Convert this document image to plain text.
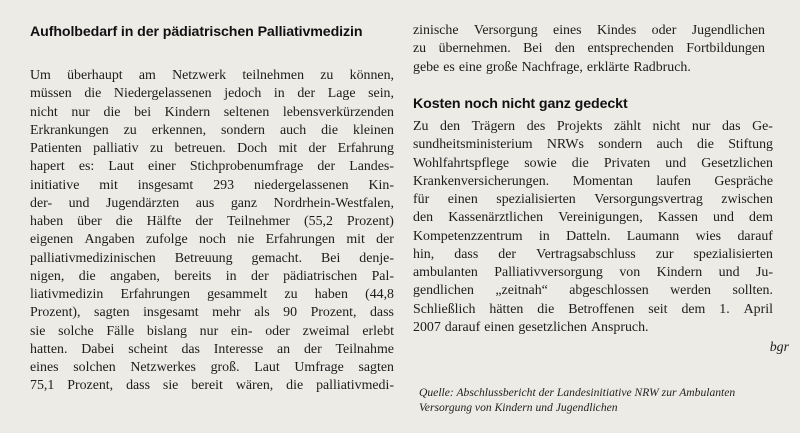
Aufholbedarf in der pädiatrischen Palliativmedizin
Um überhaupt am Netzwerk teilnehmen zu können,
müssen die Niedergelassenen jedoch in der Lage sein,
nicht nur die bei Kindern seltenen lebensverkürzenden
Erkrankungen zu erkennen, sondern auch die kleinen
Patienten palliativ zu betreuen. Doch mit der Erfahrung
hapert es: Laut einer Stichprobenumfrage der Landes-
initiative mit insgesamt 293 niedergelassenen Kin-
der- und Jugendärzten aus ganz Nordrhein-Westfalen,
haben über die Hälfte der Teilnehmer (55,2 Prozent)
eigenen Angaben zufolge noch nie Erfahrungen mit der
palliativmedizinischen Betreuung gemacht. Bei denje-
nigen, die angaben, bereits in der pädiatrischen Pal-
liativmedizin Erfahrungen gesammelt zu haben (44,8
Prozent), sagten insgesamt mehr als 90 Prozent, dass
sie solche Fälle bislang nur ein- oder zweimal erlebt
hatten. Dabei scheint das Interesse an der Teilnahme
eines solchen Netzwerkes groß. Laut Umfrage sagten
75,1 Prozent, dass sie bereit wären, die palliativmedi-
zinische Versorgung eines Kindes oder Jugendlichen
zu übernehmen. Bei den entsprechenden Fortbildungen
gebe es eine große Nachfrage, erklärte Radbruch.
Kosten noch nicht ganz gedeckt
Zu den Trägern des Projekts zählt nicht nur das Ge-
sundheitsministerium NRWs sondern auch die Stiftung
Wohlfahrtspflege sowie die Privaten und Gesetzlichen
Krankenversicherungen. Momentan laufen Gespräche
für einen spezialisierten Versorgungsvertrag zwischen
den Kassenärztlichen Vereinigungen, Kassen und dem
Kompetenzzentrum in Datteln. Laumann wies darauf
hin, dass der Vertragsabschluss zur spezialisierten
ambulanten Palliativversorgung von Kindern und Ju-
gendlichen „zeitnah“ abgeschlossen werden sollten.
Schließlich hätten die Betroffenen seit dem 1. April
2007 darauf einen gesetzlichen Anspruch.
bgr
Quelle: Abschlussbericht der Landesinitiative NRW zur Ambulanten
Versorgung von Kindern und Jugendlichen
